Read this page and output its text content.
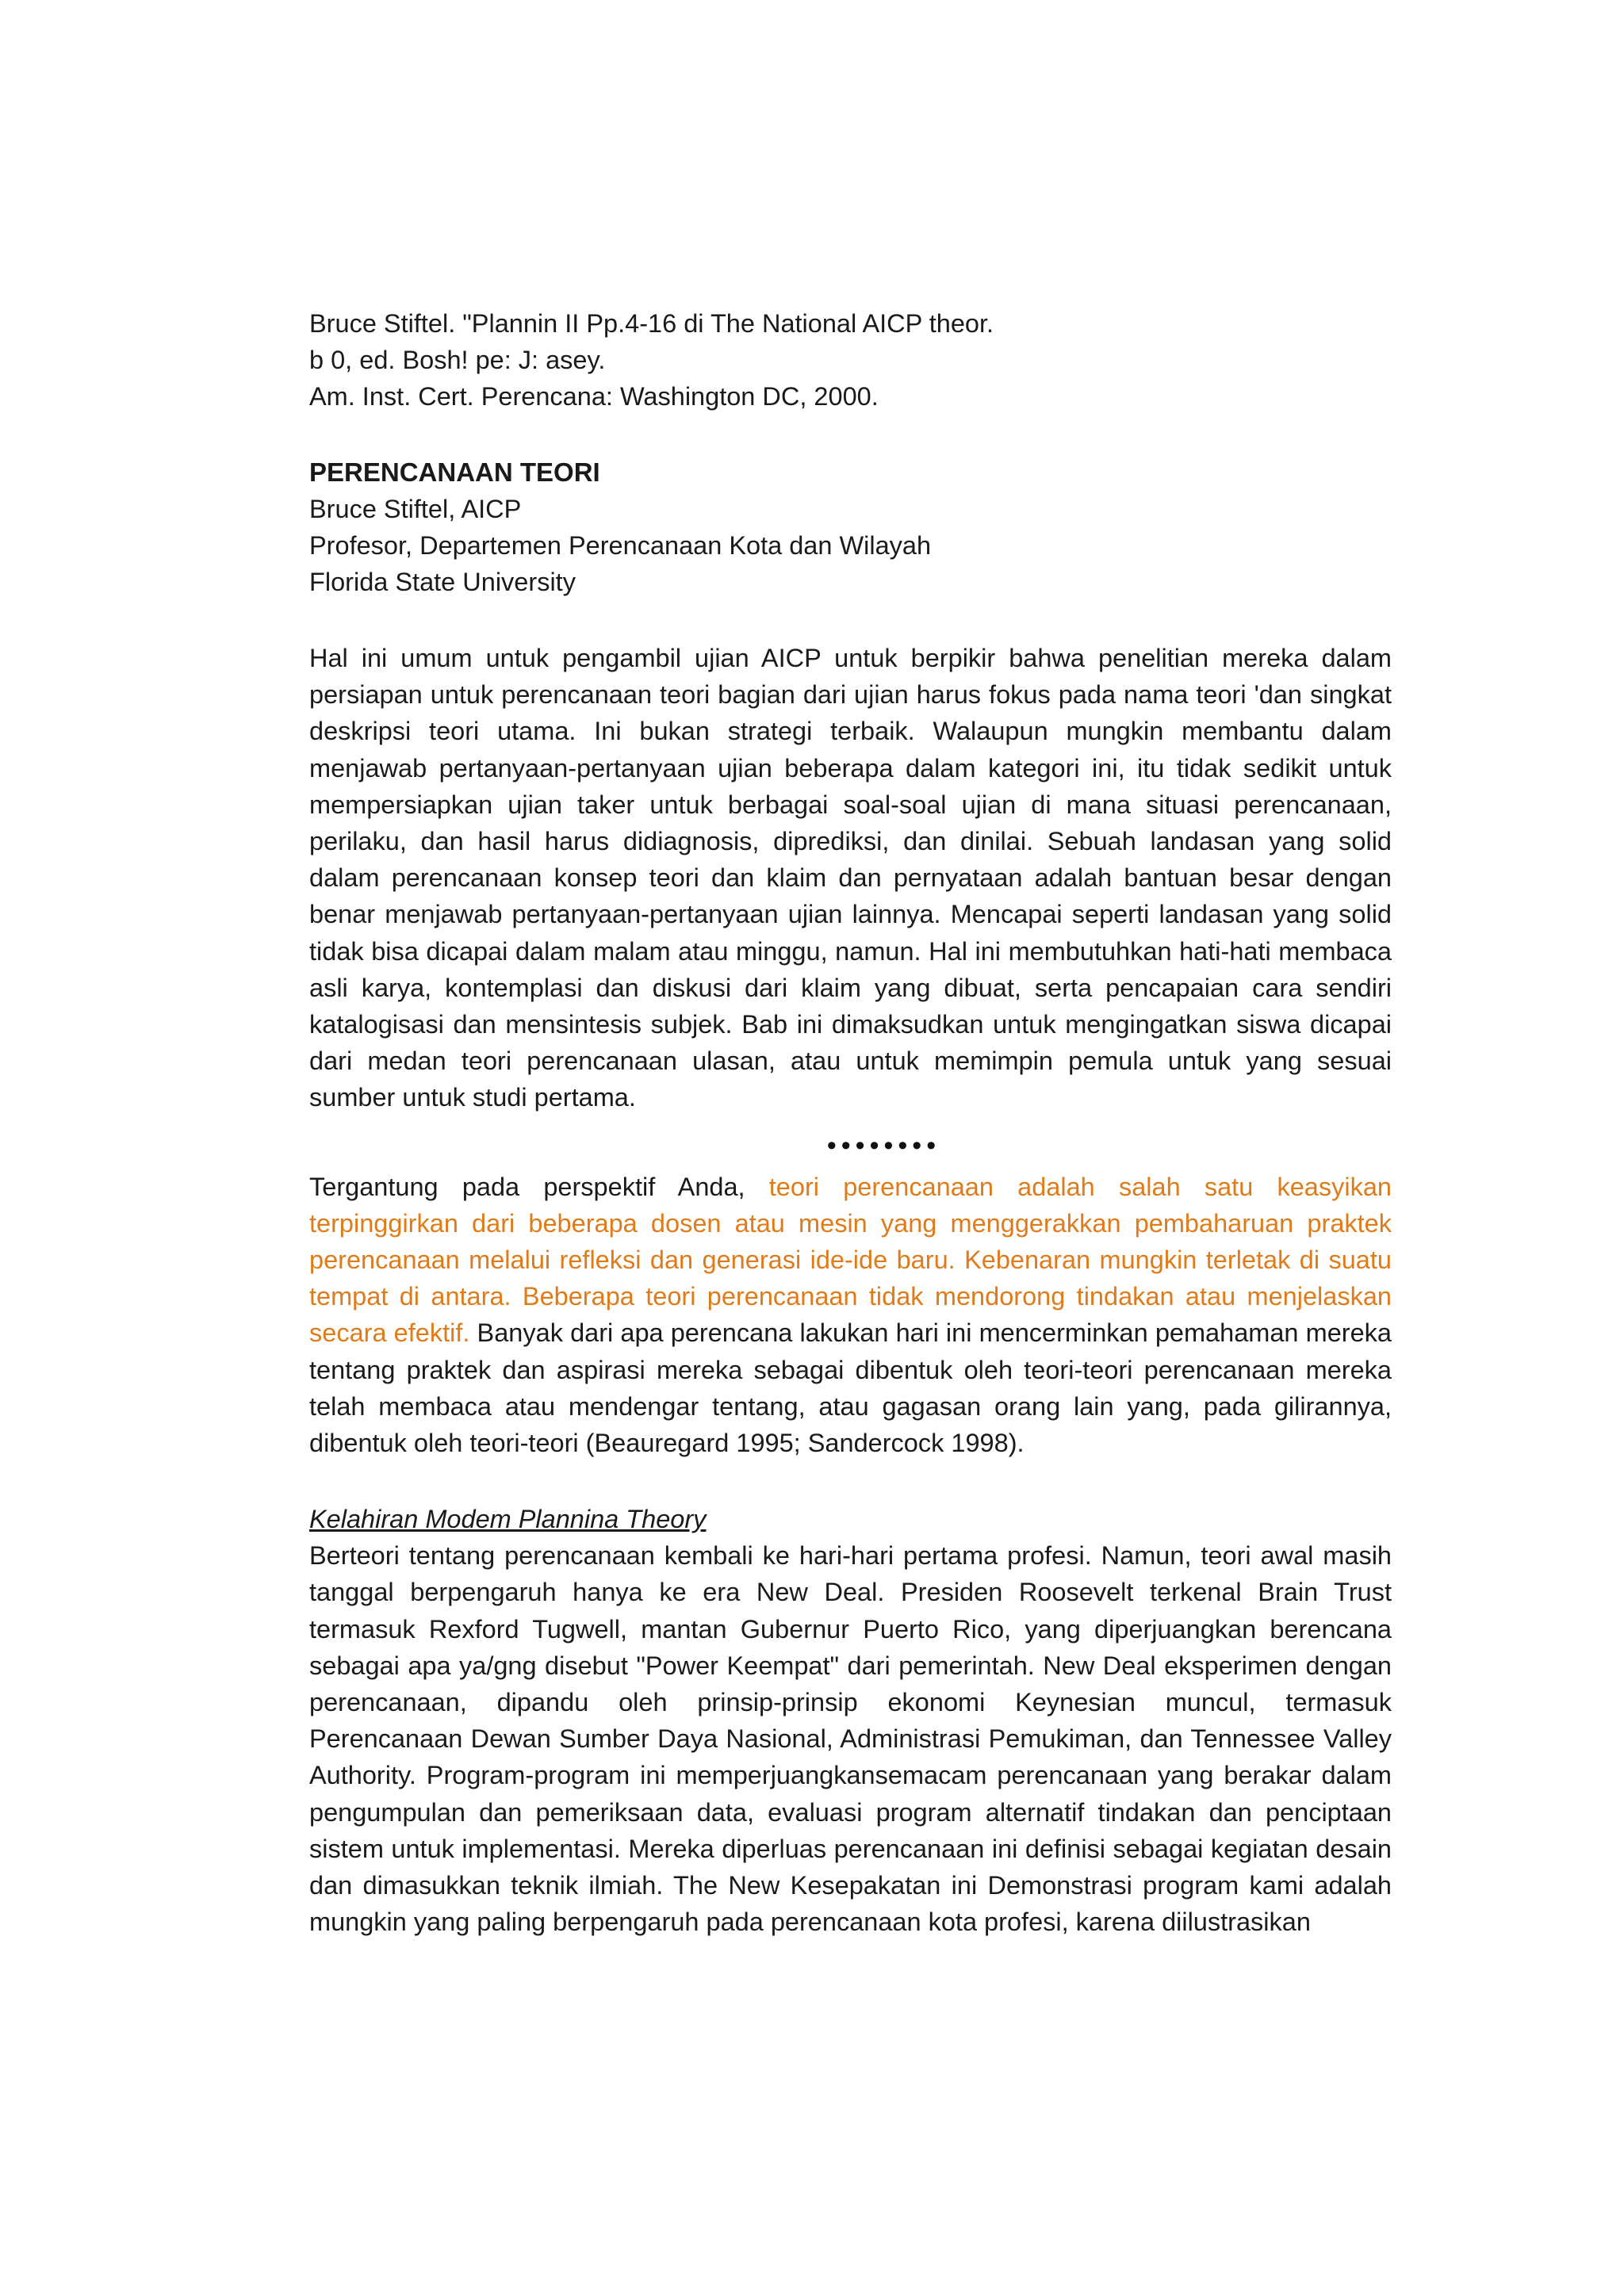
Bruce Stiftel. "Plannin II Pp.4-16 di The National AICP theor.

b 0, ed. Bosh! pe: J: asey.

Am. Inst. Cert. Perencana: Washington DC, 2000.

PERENCANAAN TEORI

Bruce Stiftel, AICP

Profesor, Departemen Perencanaan Kota dan Wilayah

Florida State University

Hal ini umum untuk pengambil ujian AICP untuk berpikir bahwa penelitian mereka dalam persiapan untuk perencanaan teori bagian dari ujian harus fokus pada nama teori 'dan singkat deskripsi teori utama. Ini bukan strategi terbaik. Walaupun mungkin membantu dalam menjawab pertanyaan-pertanyaan ujian beberapa dalam kategori ini, itu tidak sedikit untuk mempersiapkan ujian taker untuk berbagai soal-soal ujian di mana situasi perencanaan, perilaku, dan hasil harus didiagnosis, diprediksi, dan dinilai. Sebuah landasan yang solid dalam perencanaan konsep teori dan klaim dan pernyataan adalah bantuan besar dengan benar menjawab pertanyaan-pertanyaan ujian lainnya. Mencapai seperti landasan yang solid tidak bisa dicapai dalam malam atau minggu, namun. Hal ini membutuhkan hati-hati membaca asli karya, kontemplasi dan diskusi dari klaim yang dibuat, serta pencapaian cara sendiri katalogisasi dan mensintesis subjek. Bab ini dimaksudkan untuk mengingatkan siswa dicapai dari medan teori perencanaan ulasan, atau untuk memimpin pemula untuk yang sesuai sumber untuk studi pertama.

••••••••

Tergantung pada perspektif Anda, teori perencanaan adalah salah satu keasyikan terpinggirkan dari beberapa dosen atau mesin yang menggerakkan pembaharuan praktek perencanaan melalui refleksi dan generasi ide-ide baru. Kebenaran mungkin terletak di suatu tempat di antara. Beberapa teori perencanaan tidak mendorong tindakan atau menjelaskan secara efektif. Banyak dari apa perencana lakukan hari ini mencerminkan pemahaman mereka tentang praktek dan aspirasi mereka sebagai dibentuk oleh teori-teori perencanaan mereka telah membaca atau mendengar tentang, atau gagasan orang lain yang, pada gilirannya, dibentuk oleh teori-teori (Beauregard 1995; Sandercock 1998).

Kelahiran Modem Plannina Theory

Berteori tentang perencanaan kembali ke hari-hari pertama profesi. Namun, teori awal masih tanggal berpengaruh hanya ke era New Deal. Presiden Roosevelt terkenal Brain Trust termasuk Rexford Tugwell, mantan Gubernur Puerto Rico, yang diperjuangkan berencana sebagai apa ya/gng disebut "Power Keempat" dari pemerintah. New Deal eksperimen dengan perencanaan, dipandu oleh prinsip-prinsip ekonomi Keynesian muncul, termasuk Perencanaan Dewan Sumber Daya Nasional, Administrasi Pemukiman, dan Tennessee Valley Authority. Program-program ini memperjuangkansemacam perencanaan yang berakar dalam pengumpulan dan pemeriksaan data, evaluasi program alternatif tindakan dan penciptaan sistem untuk implementasi. Mereka diperluas perencanaan ini definisi sebagai kegiatan desain dan dimasukkan teknik ilmiah. The New Kesepakatan ini Demonstrasi program kami adalah mungkin yang paling berpengaruh pada perencanaan kota profesi, karena diilustrasikan
